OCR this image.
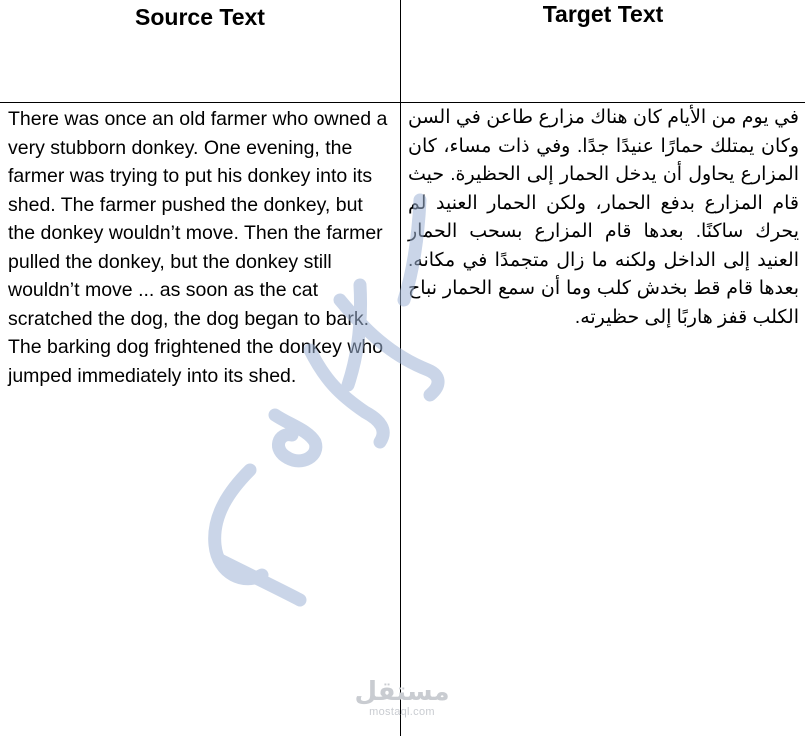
Source Text	Target Text
There was once an old farmer who owned a very stubborn donkey. One evening, the farmer was trying to put his donkey into its shed. The farmer pushed the donkey, but the donkey wouldn’t move. Then the farmer pulled the donkey, but the donkey still wouldn’t move ... as soon as the cat scratched the dog, the dog began to bark. The barking dog frightened the donkey who jumped immediately into its shed.
في يوم من الأيام كان هناك مزارع طاعن في السن وكان يمتلك حمارًا عنيدًا جدًا. وفي ذات مساء، كان المزارع يحاول أن يدخل الحمار إلى الحظيرة. حيث قام المزارع بدفع الحمار، ولكن الحمار العنيد لم يحرك ساكنًا. بعدها قام المزارع بسحب الحمار العنيد إلى الداخل ولكنه ما زال متجمدًا في مكانه. بعدها قام قط بخدش كلب وما أن سمع الحمار نباح الكلب قفز هاربًا إلى حظيرته.
مستقل
mostaql.com
